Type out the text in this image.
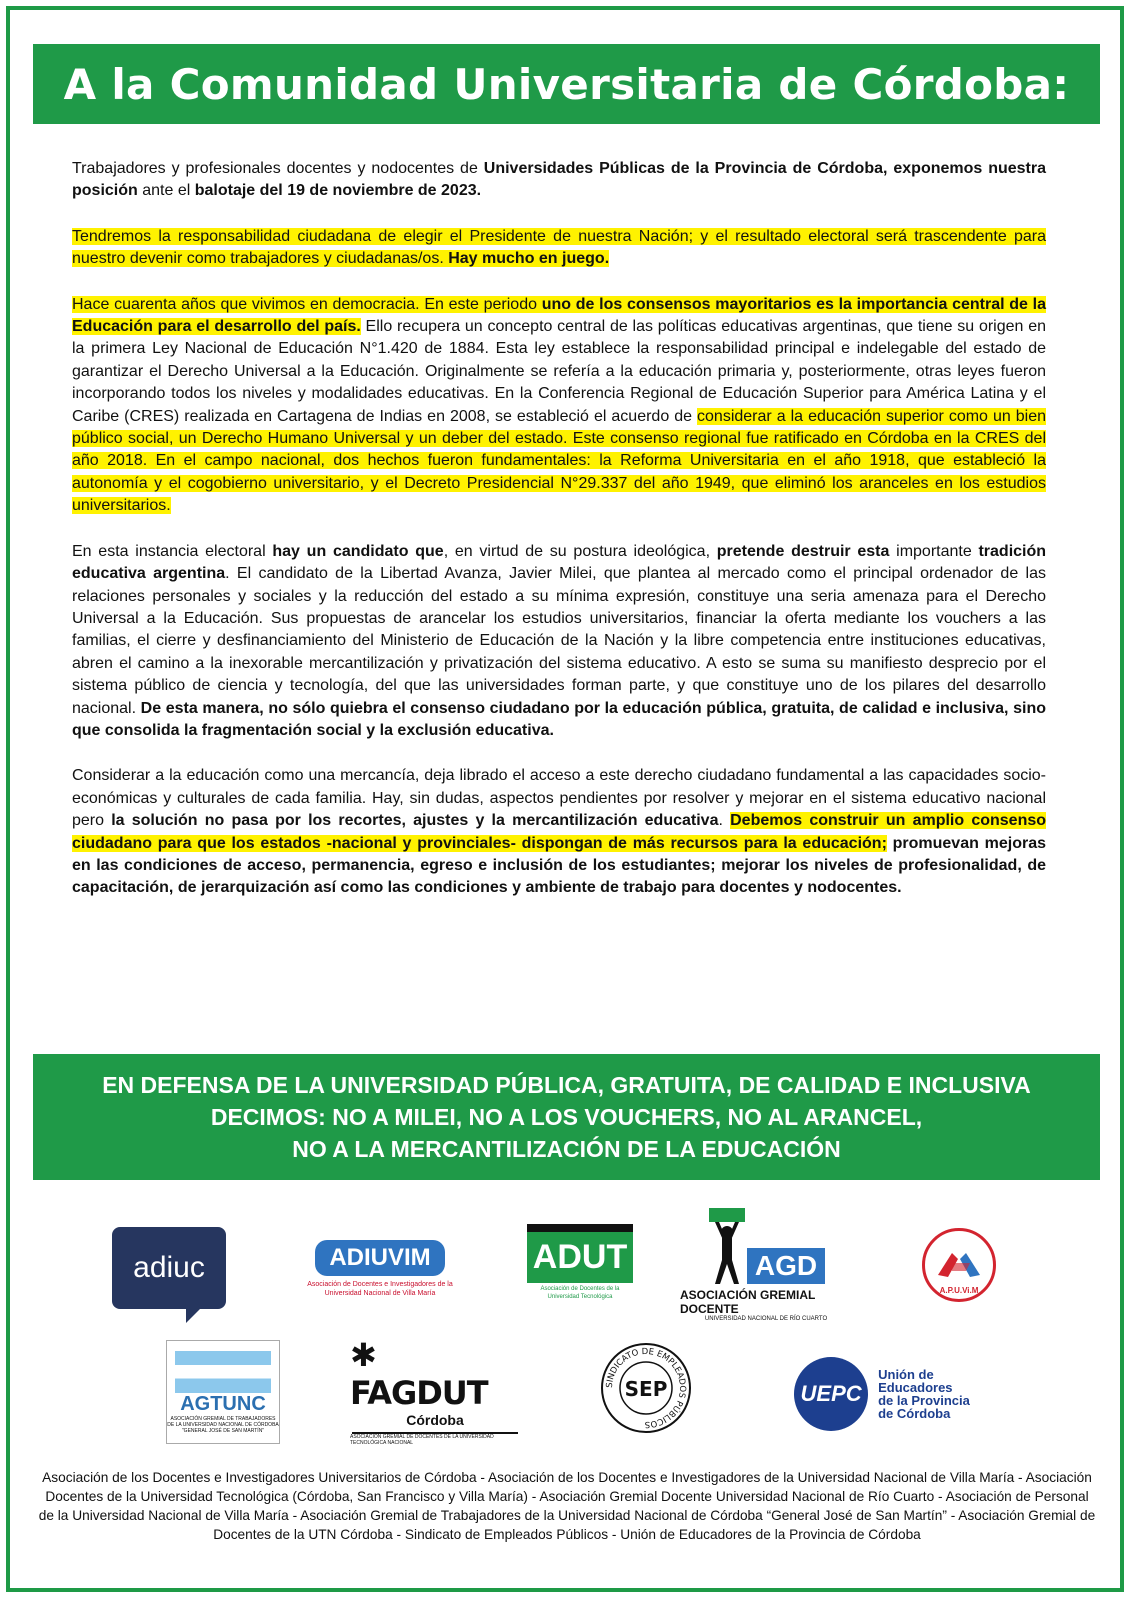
A la Comunidad Universitaria de Córdoba:

Trabajadores y profesionales docentes y nodocentes de Universidades Públicas de la Provincia de Córdoba, exponemos nuestra posición ante el balotaje del 19 de noviembre de 2023.

Tendremos la responsabilidad ciudadana de elegir el Presidente de nuestra Nación; y el resultado electoral será trascendente para nuestro devenir como trabajadores y ciudadanas/os. Hay mucho en juego.

Hace cuarenta años que vivimos en democracia. En este periodo uno de los consensos mayoritarios es la importancia central de la Educación para el desarrollo del país. Ello recupera un concepto central de las políticas educativas argentinas, que tiene su origen en la primera Ley Nacional de Educación N°1.420 de 1884. Esta ley establece la responsabilidad principal e indelegable del estado de garantizar el Derecho Universal a la Educación. Originalmente se refería a la educación primaria y, posteriormente, otras leyes fueron incorporando todos los niveles y modalidades educativas. En la Conferencia Regional de Educación Superior para América Latina y el Caribe (CRES) realizada en Cartagena de Indias en 2008, se estableció el acuerdo de considerar a la educación superior como un bien público social, un Derecho Humano Universal y un deber del estado. Este consenso regional fue ratificado en Córdoba en la CRES del año 2018. En el campo nacional, dos hechos fueron fundamentales: la Reforma Universitaria en el año 1918, que estableció la autonomía y el cogobierno universitario, y el Decreto Presidencial N°29.337 del año 1949, que eliminó los aranceles en los estudios universitarios.

En esta instancia electoral hay un candidato que, en virtud de su postura ideológica, pretende destruir esta importante tradición educativa argentina. El candidato de la Libertad Avanza, Javier Milei, que plantea al mercado como el principal ordenador de las relaciones personales y sociales y la reducción del estado a su mínima expresión, constituye una seria amenaza para el Derecho Universal a la Educación. Sus propuestas de arancelar los estudios universitarios, financiar la oferta mediante los vouchers a las familias, el cierre y desfinanciamiento del Ministerio de Educación de la Nación y la libre competencia entre instituciones educativas, abren el camino a la inexorable mercantilización y privatización del sistema educativo. A esto se suma su manifiesto desprecio por el sistema público de ciencia y tecnología, del que las universidades forman parte, y que constituye uno de los pilares del desarrollo nacional. De esta manera, no sólo quiebra el consenso ciudadano por la educación pública, gratuita, de calidad e inclusiva, sino que consolida la fragmentación social y la exclusión educativa.

Considerar a la educación como una mercancía, deja librado el acceso a este derecho ciudadano fundamental a las capacidades socio-económicas y culturales de cada familia. Hay, sin dudas, aspectos pendientes por resolver y mejorar en el sistema educativo nacional pero la solución no pasa por los recortes, ajustes y la mercantilización educativa. Debemos construir un amplio consenso ciudadano para que los estados -nacional y provinciales- dispongan de más recursos para la educación; promuevan mejoras en las condiciones de acceso, permanencia, egreso e inclusión de los estudiantes; mejorar los niveles de profesionalidad, de capacitación, de jerarquización así como las condiciones y ambiente de trabajo para docentes y nodocentes.

EN DEFENSA DE LA UNIVERSIDAD PÚBLICA, GRATUITA, DE CALIDAD E INCLUSIVA
DECIMOS: NO A MILEI, NO A LOS VOUCHERS, NO AL ARANCEL,
NO A LA MERCANTILIZACIÓN DE LA EDUCACIÓN
adiuc	ADIUVIM
Asociación de Docentes e Investigadores de la Universidad Nacional de Villa María
ADUT
Asociación de Docentes de la Universidad Tecnológica
AGD
ASOCIACIÓN GREMIAL DOCENTE
UNIVERSIDAD NACIONAL DE RÍO CUARTO
A.P.U.Vi.M
AGTUNC
ASOCIACIÓN GREMIAL DE TRABAJADORES DE LA UNIVERSIDAD NACIONAL DE CÓRDOBA "GENERAL JOSÉ DE SAN MARTÍN"
✱ FAGDUT
Córdoba
ASOCIACIÓN GREMIAL DE DOCENTES DE LA UNIVERSIDAD TECNOLÓGICA NACIONAL
SINDICATO DE EMPLEADOS PÚBLICOS
SEP	UEPC
Unión de
Educadores
de la Provincia
de Córdoba
Asociación de los Docentes e Investigadores Universitarios de Córdoba - Asociación de los Docentes e Investigadores de la Universidad Nacional de Villa María - Asociación Docentes de la Universidad Tecnológica (Córdoba, San Francisco y Villa María) - Asociación Gremial Docente Universidad Nacional de Río Cuarto - Asociación de Personal de la Universidad Nacional de Villa María - Asociación Gremial de Trabajadores de la Universidad Nacional de Córdoba “General José de San Martín” - Asociación Gremial de Docentes de la UTN Córdoba - Sindicato de Empleados Públicos - Unión de Educadores de la Provincia de Córdoba
